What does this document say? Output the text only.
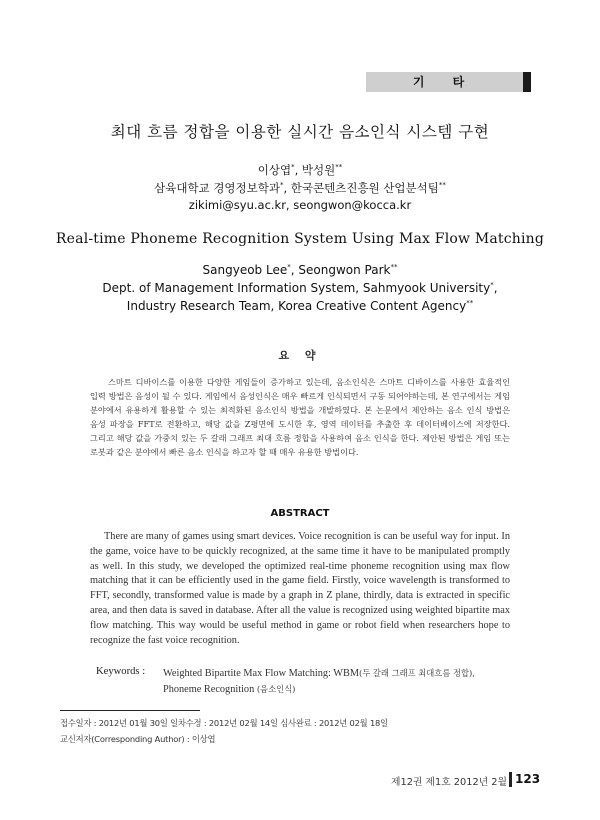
기 타
최대 흐름 정합을 이용한 실시간 음소인식 시스템 구현
이상엽*, 박성원**
삼육대학교 경영정보학과*, 한국콘텐츠진흥원 산업분석팀**
zikimi@syu.ac.kr, seongwon@kocca.kr
Real-time Phoneme Recognition System Using Max Flow Matching
Sangyeob Lee*, Seongwon Park**
Dept. of Management Information System, Sahmyook University*,
Industry Research Team, Korea Creative Content Agency**
요 약
스마트 디바이스를 이용한 다양한 게임들이 증가하고 있는데, 음소인식은 스마트 디바이스를 사용한 효율적인 입력 방법은 음성이 될 수 있다. 게임에서 음성인식은 매우 빠르게 인식되면서 구동 되어야하는데, 본 연구에서는 게임 분야에서 유용하게 활용할 수 있는 최적화된 음소인식 방법을 개발하였다. 본 논문에서 제안하는 음소 인식 방법은 음성 파장을 FFT로 전환하고, 해당 값을 Z평면에 도시한 후, 영역 데이터를 추출한 후 데이터베이스에 저장한다. 그리고 해당 값을 가중치 있는 두 갈래 그래프 최대 흐름 정합을 사용하여 음소 인식을 한다. 제안된 방법은 게임 또는 로봇과 같은 분야에서 빠른 음소 인식을 하고자 할 때 매우 유용한 방법이다.
ABSTRACT
There are many of games using smart devices. Voice recognition is can be useful way for input. In the game, voice have to be quickly recognized, at the same time it have to be manipulated promptly as well. In this study, we developed the optimized real-time phoneme recognition using max flow matching that it can be efficiently used in the game field. Firstly, voice wavelength is transformed to FFT, secondly, transformed value is made by a graph in Z plane, thirdly, data is extracted in specific area, and then data is saved in database. After all the value is recognized using weighted bipartite max flow matching. This way would be useful method in game or robot field when researchers hope to recognize the fast voice recognition.
Keywords : Weighted Bipartite Max Flow Matching: WBM(두 갈래 그래프 최대흐름 정합),
Phoneme Recognition (음소인식)
접수일자 : 2012년 01월 30일 일차수정 : 2012년 02월 14일 심사완료 : 2012년 02월 18일
교신저자(Corresponding Author) : 이상엽
제12권 제1호 2012년 2월 123
